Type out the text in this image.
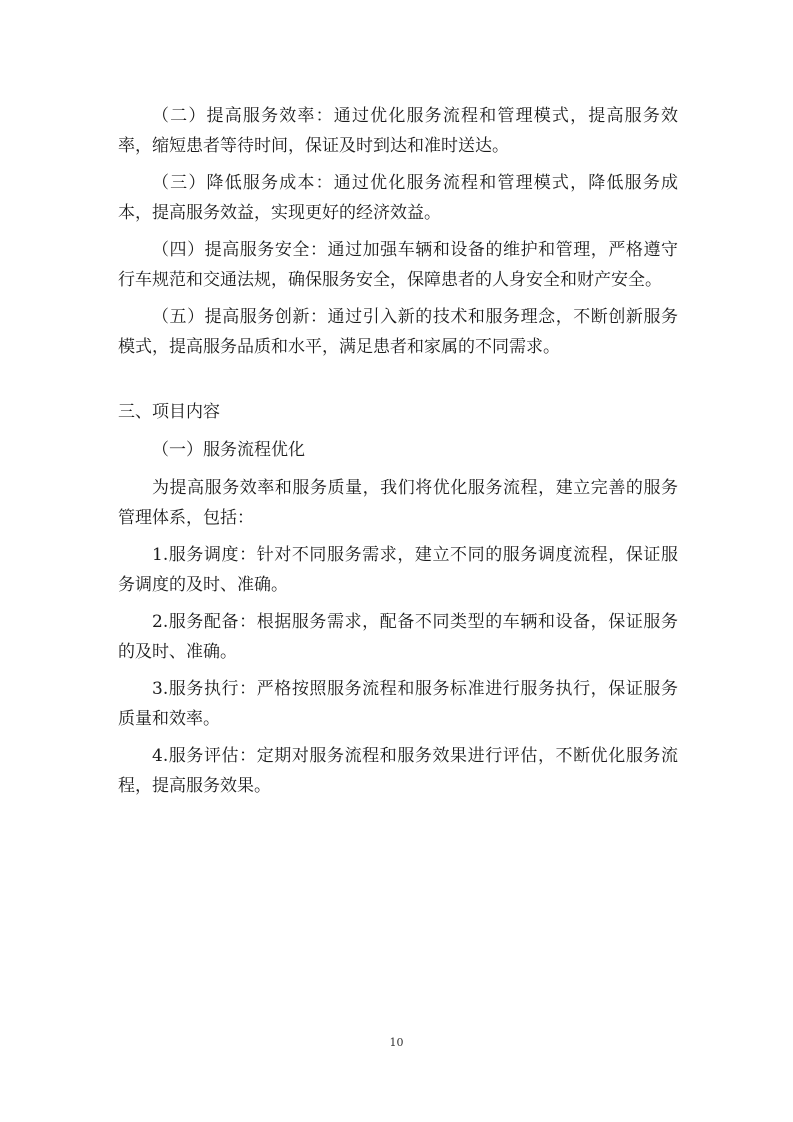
（二）提高服务效率：通过优化服务流程和管理模式，提高服务效率，缩短患者等待时间，保证及时到达和准时送达。

（三）降低服务成本：通过优化服务流程和管理模式，降低服务成本，提高服务效益，实现更好的经济效益。

（四）提高服务安全：通过加强车辆和设备的维护和管理，严格遵守行车规范和交通法规，确保服务安全，保障患者的人身安全和财产安全。

（五）提高服务创新：通过引入新的技术和服务理念，不断创新服务模式，提高服务品质和水平，满足患者和家属的不同需求。

三、项目内容

（一）服务流程优化

为提高服务效率和服务质量，我们将优化服务流程，建立完善的服务管理体系，包括：

1.服务调度：针对不同服务需求，建立不同的服务调度流程，保证服务调度的及时、准确。

2.服务配备：根据服务需求，配备不同类型的车辆和设备，保证服务的及时、准确。

3.服务执行：严格按照服务流程和服务标准进行服务执行，保证服务质量和效率。

4.服务评估：定期对服务流程和服务效果进行评估，不断优化服务流程，提高服务效果。

10
